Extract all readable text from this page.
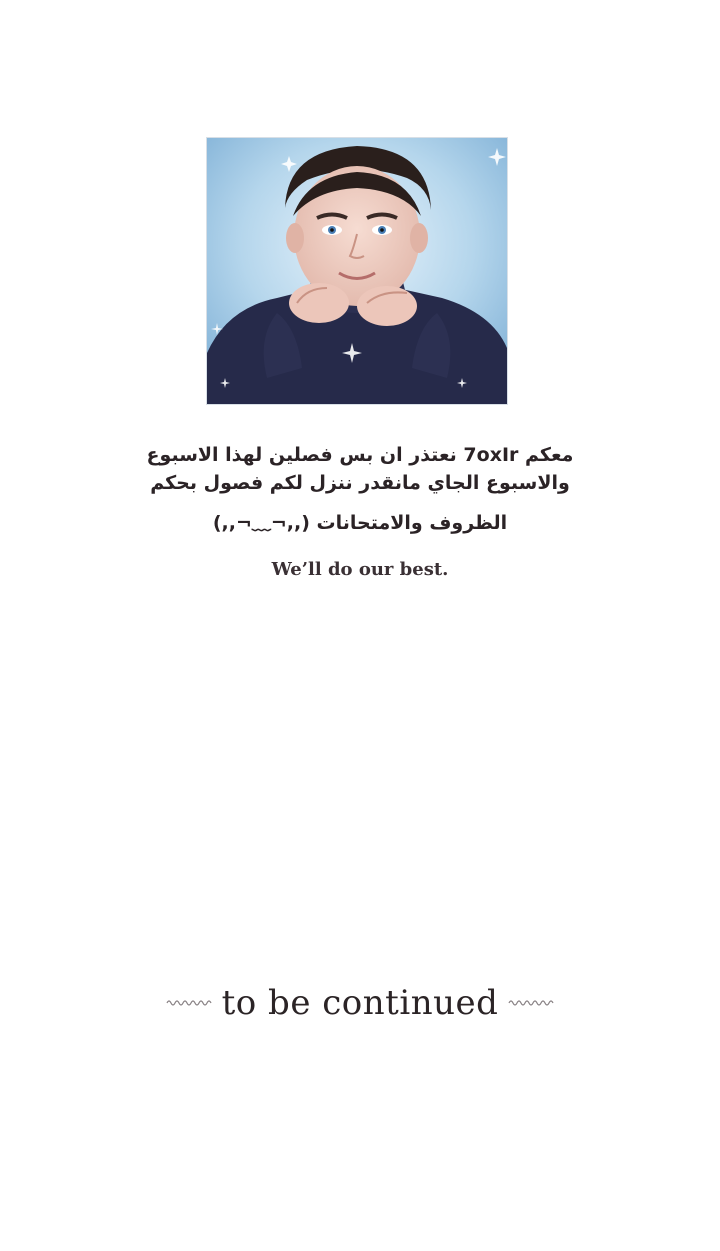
معكم 7oxIr نعتذر ان بس فصلين لهذا الاسبوع
والاسبوع الجاي مانقدر ننزل لكم فصول بحكم
الظروف والامتحانات (,,¬﹏¬,,)
We’ll do our best.
to be continued
